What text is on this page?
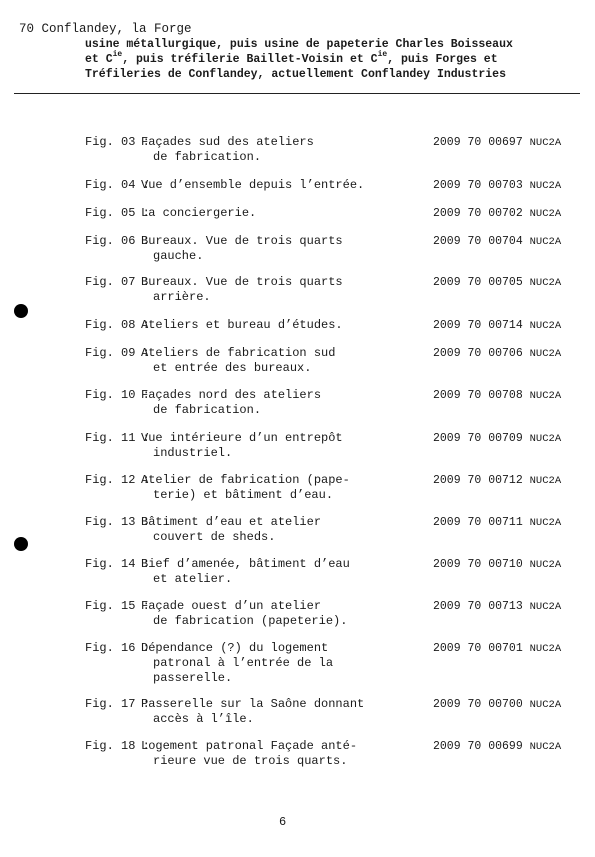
70 Conflandey, la Forge
usine métallurgique, puis usine de papeterie Charles Boisseaux
et $C^{ie}$, puis tréfilerie Baillet-Voisin et $C^{ie}$, puis Forges et
Tréfileries de Conflandey, actuellement Conflandey Industries
Fig. 03 :
Façades sud des ateliers
de fabrication.
2009 70 00697 NUC2A
Fig. 04 :
Vue d’ensemble depuis l’entrée.	2009 70 00703 NUC2A
Fig. 05 :
La conciergerie.	2009 70 00702 NUC2A
Fig. 06 :
Bureaux. Vue de trois quarts
gauche.
2009 70 00704 NUC2A
Fig. 07 :
Bureaux. Vue de trois quarts
arrière.
2009 70 00705 NUC2A
Fig. 08 :
Ateliers et bureau d’études.	2009 70 00714 NUC2A
Fig. 09 :
Ateliers de fabrication sud
et entrée des bureaux.
2009 70 00706 NUC2A
Fig. 10 :
Façades nord des ateliers
de fabrication.
2009 70 00708 NUC2A
Fig. 11 :
Vue intérieure d’un entrepôt
industriel.
2009 70 00709 NUC2A
Fig. 12 :
Atelier de fabrication (pape-
terie) et bâtiment d’eau.
2009 70 00712 NUC2A
Fig. 13 :
Bâtiment d’eau et atelier
couvert de sheds.
2009 70 00711 NUC2A
Fig. 14 :
Bief d’amenée, bâtiment d’eau
et atelier.
2009 70 00710 NUC2A
Fig. 15 :
Façade ouest d’un atelier
de fabrication (papeterie).
2009 70 00713 NUC2A
Fig. 16 :
Dépendance (?) du logement
patronal à l’entrée de la
passerelle.
2009 70 00701 NUC2A
Fig. 17 :
Passerelle sur la Saône donnant
accès à l’île.
2009 70 00700 NUC2A
Fig. 18 :
Logement patronal Façade anté-
rieure vue de trois quarts.
2009 70 00699 NUC2A
6
